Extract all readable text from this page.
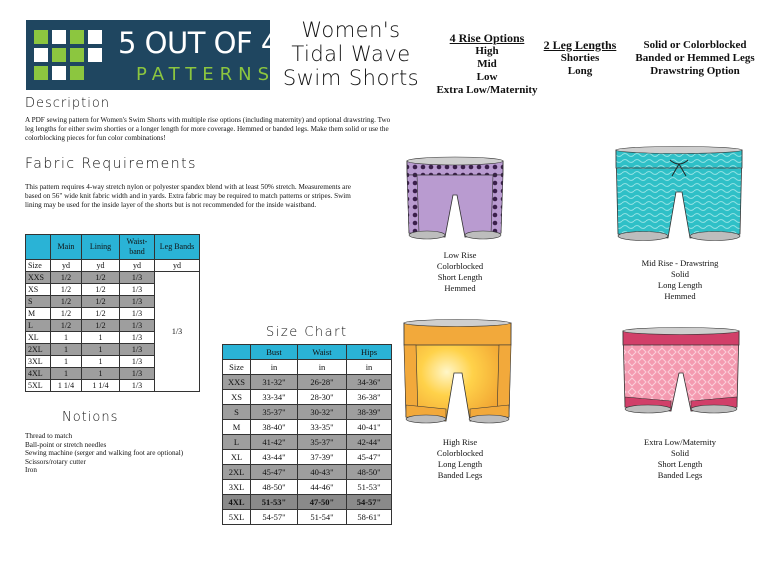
5 OUT OF 4
PATTERNS
Women's
Tidal Wave
Swim Shorts
4 Rise Options
High
Mid
Low
Extra Low/Maternity
2 Leg Lengths
Shorties
Long
Solid or Colorblocked
Banded or Hemmed Legs
Drawstring Option
Description
A PDF sewing pattern for Women's Swim Shorts with multiple rise options (including maternity) and optional drawstring. Two leg lengths for either swim shorties or a longer length for more coverage. Hemmed or banded legs. Make them solid or use the colorblocking pieces for fun color combinations!
Fabric Requirements
This pattern requires 4-way stretch nylon or polyester spandex blend with at least 50% stretch. Measurements are based on 56" wide knit fabric width and in yards. Extra fabric may be required to match patterns or stripes. Swim lining may be used for the inside layer of the shorts but is not recommended for the inside waistband.
	Main	Lining	Waist-band	Leg Bands
Size	yd	yd	yd	yd
XXS	1/2	1/2	1/3	1/3
XS	1/2	1/2	1/3	
S	1/2	1/2	1/3	
M	1/2	1/2	1/3	
L	1/2	1/2	1/3	
XL	1	1	1/3	
2XL	1	1	1/3	
3XL	1	1	1/3	
4XL	1	1	1/3	
5XL	1 1/4	1 1/4	1/3	
Notions
Thread to match
Ball-point or stretch needles
Sewing machine (serger and walking foot are optional)
Scissors/rotary cutter
Iron
Size Chart
	Bust	Waist	Hips
Size	in	in	in
XXS	31-32"	26-28"	34-36"
XS	33-34"	28-30"	36-38"
S	35-37"	30-32"	38-39"
M	38-40"	33-35"	40-41"
L	41-42"	35-37"	42-44"
XL	43-44"	37-39"	45-47"
2XL	45-47"	40-43"	48-50"
3XL	48-50"	44-46"	51-53"
4XL	51-53"	47-50"	54-57"
5XL	54-57"	51-54"	58-61"
Low Rise
Colorblocked
Short Length
Hemmed
Mid Rise - Drawstring
Solid
Long Length
Hemmed
High Rise
Colorblocked
Long Length
Banded Legs
Extra Low/Maternity
Solid
Short Length
Banded Legs
